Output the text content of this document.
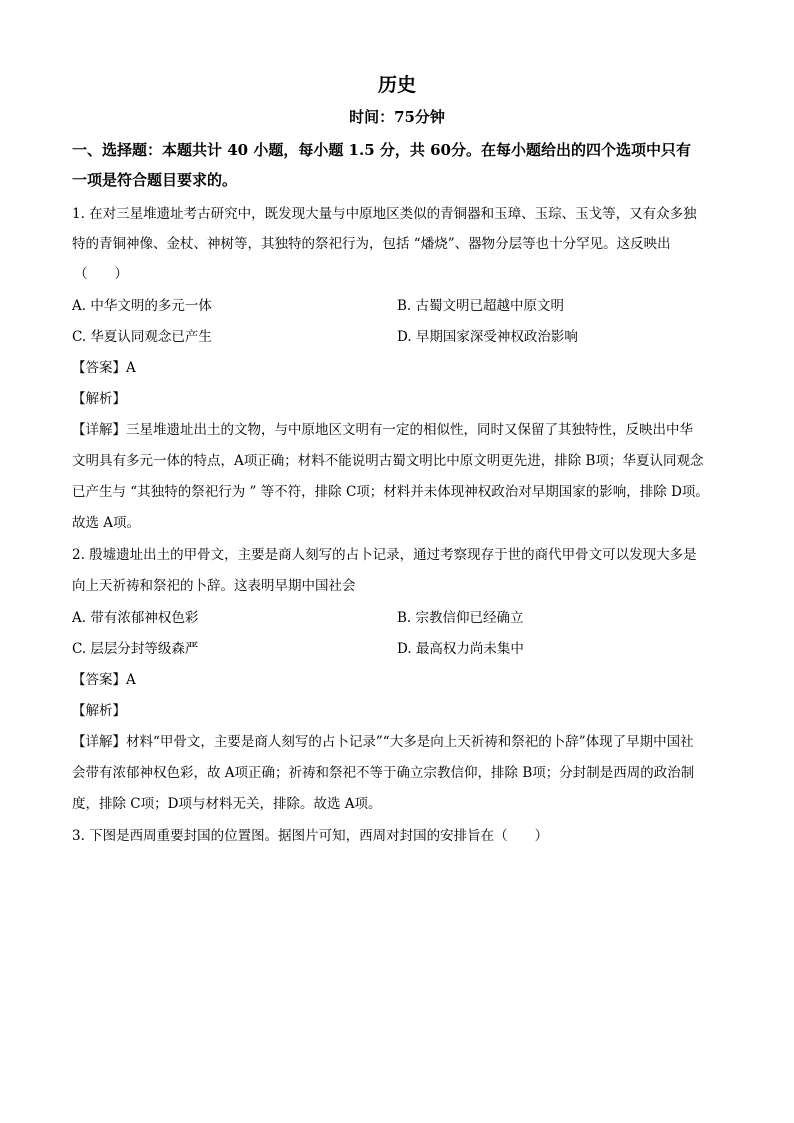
历史
时间：75分钟
一、选择题：本题共计 40 小题，每小题 1.5 分，共 60分。在每小题给出的四个选项中只有
一项是符合题目要求的。
1. 在对三星堆遗址考古研究中，既发现大量与中原地区类似的青铜器和玉璋、玉琮、玉戈等，又有众多独
特的青铜神像、金杖、神树等，其独特的祭祀行为，包括 “燔烧”、器物分层等也十分罕见。这反映出
（　　）
A. 中华文明的多元一体	B. 古蜀文明已超越中原文明
C. 华夏认同观念已产生	D. 早期国家深受神权政治影响
【答案】A
【解析】
【详解】三星堆遗址出土的文物，与中原地区文明有一定的相似性，同时又保留了其独特性，反映出中华
文明具有多元一体的特点，A项正确；材料不能说明古蜀文明比中原文明更先进，排除 B项；华夏认同观念
已产生与 “其独特的祭祀行为 ” 等不符，排除 C项；材料并未体现神权政治对早期国家的影响，排除 D项。
故选 A项。
2. 殷墟遗址出土的甲骨文，主要是商人刻写的占卜记录，通过考察现存于世的商代甲骨文可以发现大多是
向上天祈祷和祭祀的卜辞。这表明早期中国社会
A. 带有浓郁神权色彩	B. 宗教信仰已经确立
C. 层层分封等级森严	D. 最高权力尚未集中
【答案】A
【解析】
【详解】材料“甲骨文，主要是商人刻写的占卜记录”“大多是向上天祈祷和祭祀的卜辞”体现了早期中国社
会带有浓郁神权色彩，故 A项正确；祈祷和祭祀不等于确立宗教信仰，排除 B项；分封制是西周的政治制
度，排除 C项；D项与材料无关，排除。故选 A项。
3. 下图是西周重要封国的位置图。据图片可知，西周对封国的安排旨在（　　）
